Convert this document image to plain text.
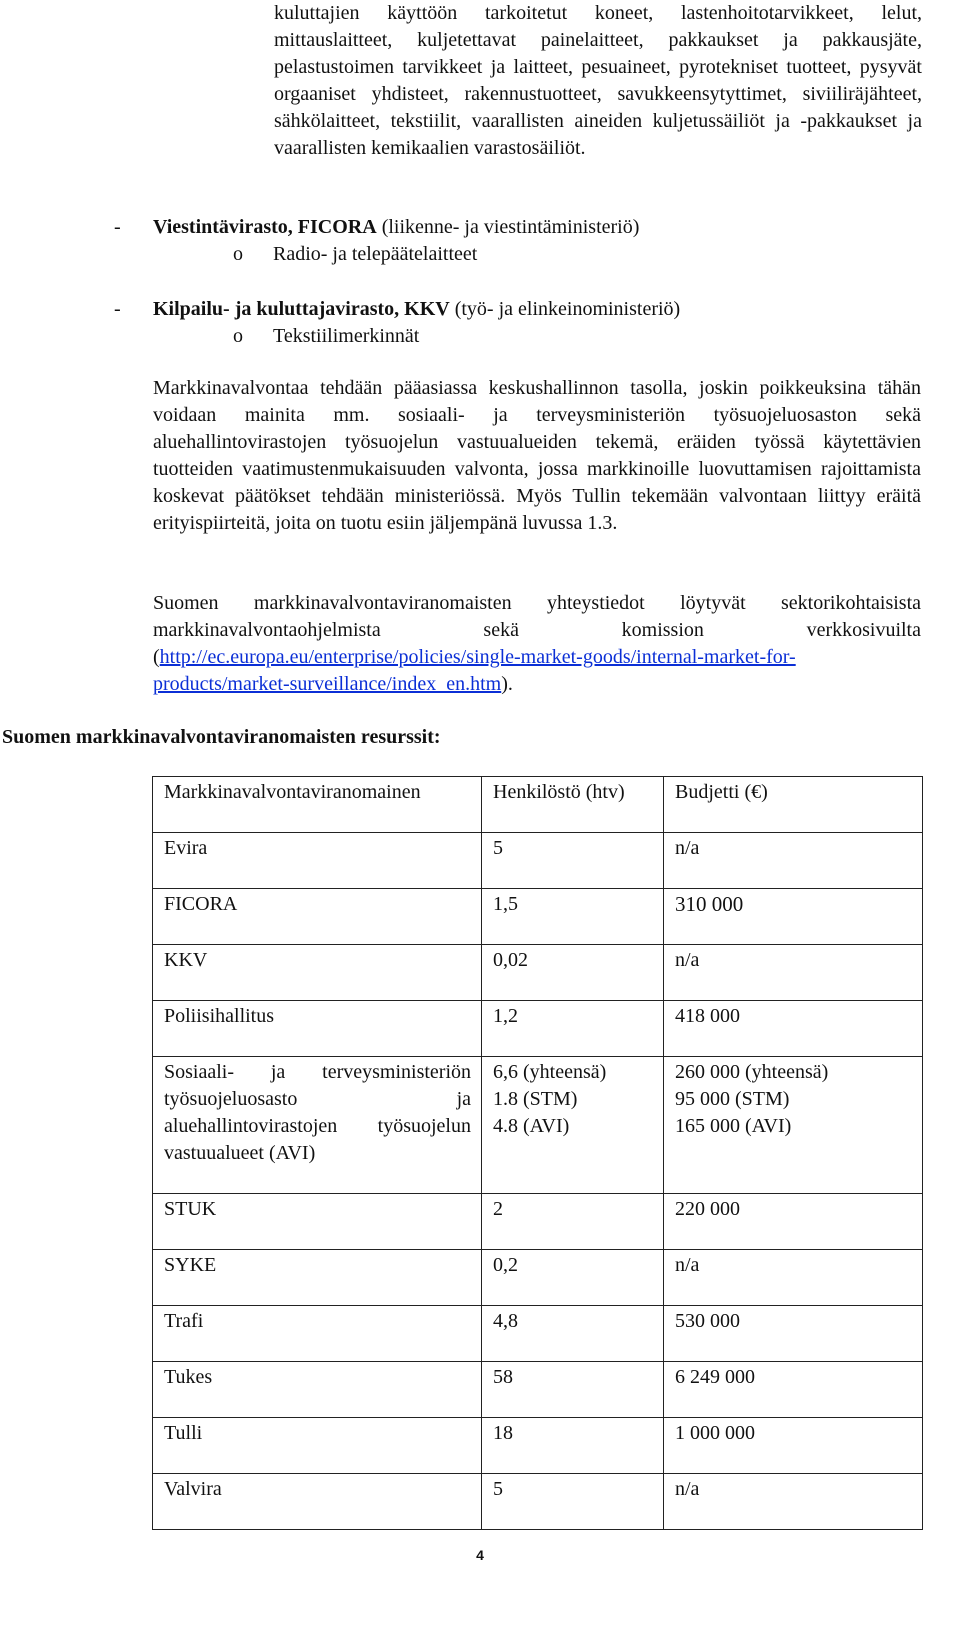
kuluttajien käyttöön tarkoitetut koneet, lastenhoitotarvikkeet, lelut, mittauslaitteet, kuljetettavat painelaitteet, pakkaukset ja pakkausjäte, pelastustoimen tarvikkeet ja laitteet, pesuaineet, pyrotekniset tuotteet, pysyvät orgaaniset yhdisteet, rakennustuotteet, savukkeensytyttimet, siviiliräjähteet, sähkölaitteet, tekstiilit, vaarallisten aineiden kuljetussäiliöt ja -pakkaukset ja vaarallisten kemikaalien varastosäiliöt.
- Viestintävirasto, FICORA (liikenne- ja viestintäministeriö)
o Radio- ja telepäätelaitteet
- Kilpailu- ja kuluttajavirasto, KKV (työ- ja elinkeinoministeriö)
o Tekstiilimerkinnät
Markkinavalvontaa tehdään pääasiassa keskushallinnon tasolla, joskin poikkeuksina tähän voidaan mainita mm. sosiaali- ja terveysministeriön työsuojeluosaston sekä aluehallintovirastojen työsuojelun vastuualueiden tekemä, eräiden työssä käytettävien tuotteiden vaatimustenmukaisuuden valvonta, jossa markkinoille luovuttamisen rajoittamista koskevat päätökset tehdään ministeriössä. Myös Tullin tekemään valvontaan liittyy eräitä erityispiirteitä, joita on tuotu esiin jäljempänä luvussa 1.3.
Suomen markkinavalvontaviranomaisten yhteystiedot löytyvät sektorikohtaisista markkinavalvontaohjelmista sekä komission verkkosivuilta (http://ec.europa.eu/enterprise/policies/single-market-goods/internal-market-for-products/market-surveillance/index_en.htm).
Suomen markkinavalvontaviranomaisten resurssit:
Markkinavalvontaviranomainen	Henkilöstö (htv)	Budjetti (€)

Evira	5	n/a

FICORA	1,5	310 000

KKV	0,02	n/a

Poliisihallitus	1,2	418 000

Sosiaali- ja terveysministeriön työsuojeluosasto ja aluehallintovirastojen työsuojelun vastuualueet (AVI)	6,6 (yhteensä)
1.8 (STM)
4.8 (AVI)	260 000 (yhteensä)
95 000 (STM)
165 000 (AVI)

STUK	2	220 000

SYKE	0,2	n/a

Trafi	4,8	530 000

Tukes	58	6 249 000

Tulli	18	1 000 000

Valvira	5	n/a
4
